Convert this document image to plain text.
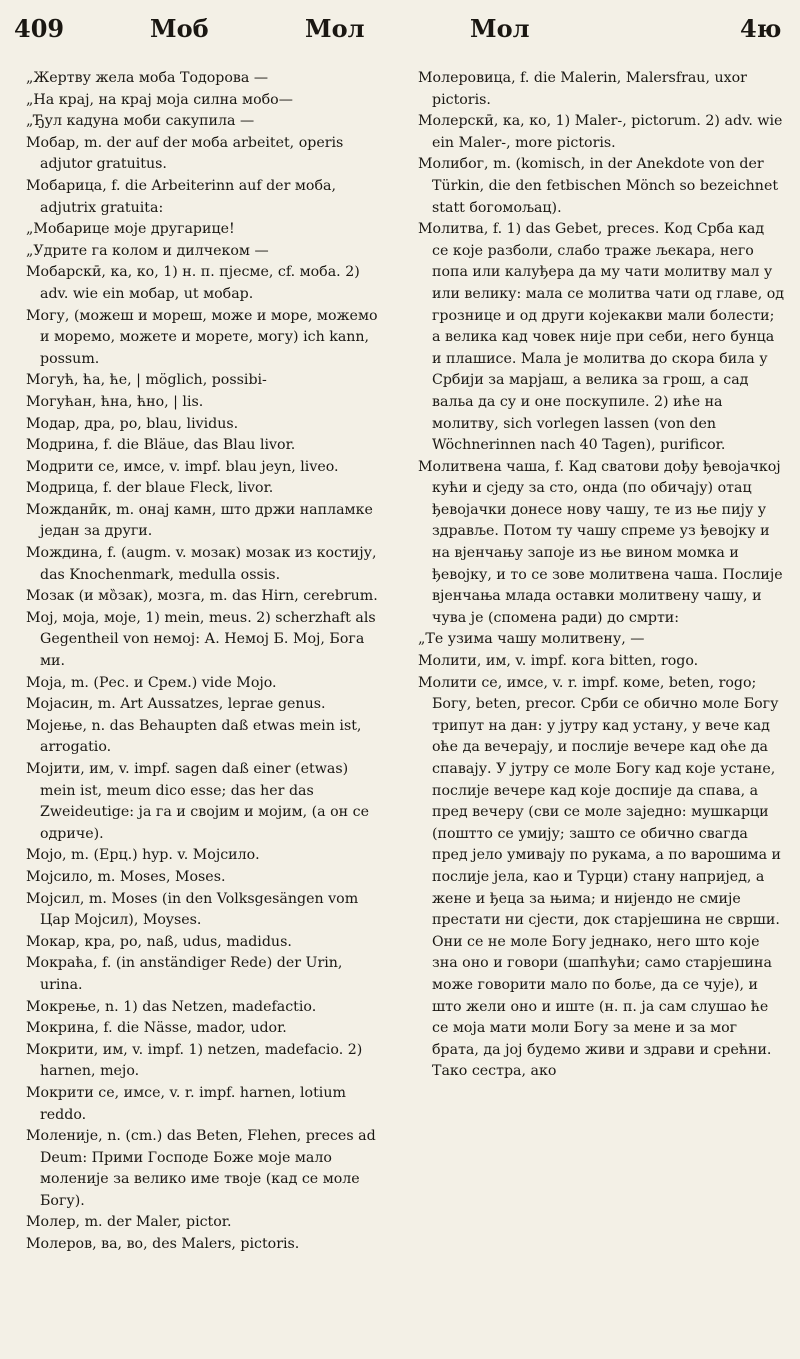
409	Моб	Мол	Мол	4ю

„Жертву жела моба Тодорова —

„На крај, на крај моја силна мобо—

„Ђул кадуна моби сакупила —

Мобар, m. der auf der моба arbeitet, operis adjutor gratuitus.

Мобарица, f. die Arbeiterinn auf der моба, adjutrix gratuita:

„Мобарице моје другарице!

„Удрите га колом и дилчеком —

Мобарскӣ, ка, ко, 1) н. п. пјесме, cf. моба. 2) adv. wie ein мобар, ut мобар.

Могу, (можеш и мореш, може и море, можемо и моремо, можете и морете, могу) ich kann, possum.

Могућ, ћа, ће, | möglich, possibi-

Могућан, ћна, ћно, | lis.

Модар, дра, ро, blau, lividus.

Модрина, f. die Bläue, das Blau livor.

Модрити се, имсе, v. impf. blau jeyn, liveo.

Модрица, f. der blaue Fleck, livor.

Можданӣк, m. онај камн, што држи напламке један за други.

Мождина, f. (augm. v. мозак) мозак из костију, das Knochenmark, medulla ossis.

Мозак (и мо̏зак), мозга, m. das Hirn, cerebrum.

Мој, моја, моје, 1) mein, meus. 2) scherzhaft als Gegentheil von немој: А. Немој Б. Мој, Бога ми.

Моја, m. (Рес. и Срем.) vide Mojo.

Мојасин, m. Art Aussatzes, leprae genus.

Мојење, n. das Behaupten daß etwas mein ist, arrogatio.

Мојити, им, v. impf. sagen daß einer (etwas) mein ist, meum dico esse; das her das Zweideutige: ја га и својим и мојим, (а он се одриче).

Мојо, m. (Ерц.) hyp. v. Мојсило.

Мојсило, m. Moses, Moses.

Мојсил, m. Moses (in den Volksgesängen vom Цар Мојсил), Moyses.

Мокар, кра, ро, naß, udus, madidus.

Мокраћа, f. (in anständiger Rede) der Urin, urina.

Мокрење, n. 1) das Netzen, madefactio.

Мокрина, f. die Nässe, mador, udor.

Мокрити, им, v. impf. 1) netzen, madefacio. 2) harnen, mejo.

Мокрити се, имсе, v. r. impf. harnen, lotium reddo.

Моленије, n. (сm.) das Beten, Flehen, preces ad Deum: Прими Господе Боже моје мало моленије за велико име твоје (кад се моле Богу).

Молер, m. der Maler, pictor.

Молеров, ва, во, des Malers, pictoris.

Молеровица, f. die Malerin, Malersfrau, uxor pictoris.

Молерскӣ, ка, ко, 1) Maler-, pictorum. 2) adv. wie ein Maler-, more pictoris.

Молибог, m. (komisch, in der Anekdote von der Türkin, die den fetbischen Mönch so bezeichnet statt богомољац).

Молитва, f. 1) das Gebet, preces. Код Срба кад се које разболи, слабо траже љекара, него попа или калуђера да му чати молитву мал у или велику: мала се молитва чати од главе, од грознице и од други којекакви мали болести; а велика кад човек није при себи, него бунца и плашисе. Мала је молитва до скора била у Србији за марјаш, а велика за грош, а сад вальа да су и оне поскупиле. 2) иће на молитву, sich vorlegen lassen (von den Wöchnerinnen nach 40 Tagen), purificor.

Молитвена чаша, f. Кад сватови дођу ђевојачкој кући и сједу за сто, онда (по обичају) отац ђевојачки донесе нову чашу, те из ње пију у здравље. Потом ту чашу спреме уз ђевојку и на вјенчању запоје из ње вином момка и ђевојку, и то се зове молитвена чаша. Послије вјенчања млада оставки молитвену чашу, и чува је (спомена ради) до смрти:

„Те узима чашу молитвену, —

Молити, им, v. impf. кога bitten, rogo.

Молити се, имсе, v. r. impf. коме, beten, rogo; Богу, beten, precor. Срби се обично моле Богу трипут на дан: у јутру кад устану, у вече кад оће да вечерају, и послије вечере кад оће да спавају. У јутру се моле Богу кад које устане, послије вечере кад које доспије да спава, а пред вечеру (сви се моле заједно: мушкарци (поштто се умију; зашто се обично свагда пред јело умивају по рукама, а по варошима и послије јела, као и Турци) стану напријед, а жене и ђеца за њима; и нијендо не смије престати ни сјести, док старјешина не сврши. Они се не моле Богу једнако, него што које зна оно и говори (шапћући; само старјешина може говорити мало по боље, да се чује), и што жели оно и иште (н. п. ја сам слушао ће се моја мати моли Богу за мене и за мог брата, да јој будемо живи и здрави и срећни. Тако сестра, ако
